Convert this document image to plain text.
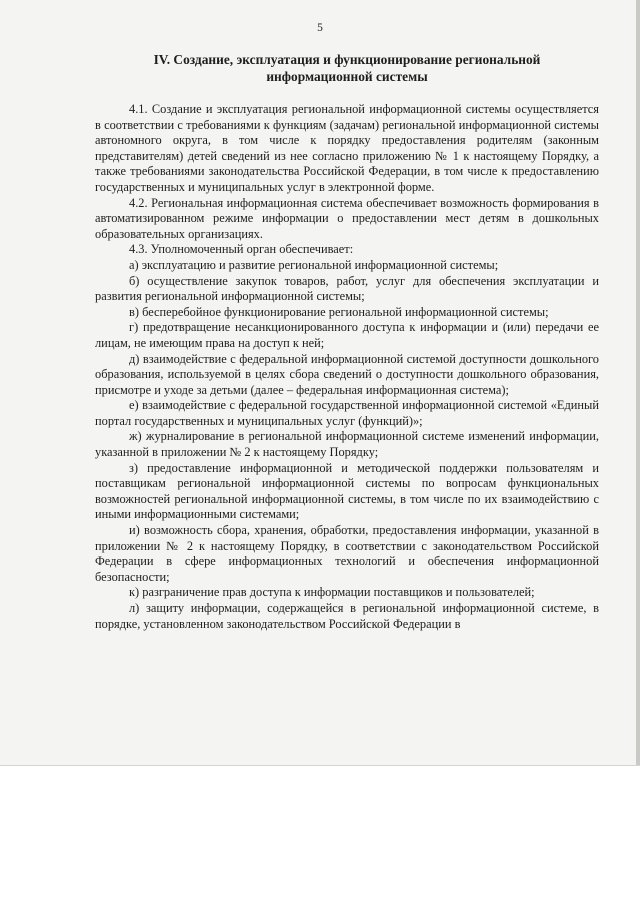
5
IV. Создание, эксплуатация и функционирование региональной информационной системы

4.1. Создание и эксплуатация региональной информационной системы осуществляется в соответствии с требованиями к функциям (задачам) региональной информационной системы автономного округа, в том числе к порядку предоставления родителям (законным представителям) детей сведений из нее согласно приложению № 1 к настоящему Порядку, а также требованиями законодательства Российской Федерации, в том числе к предоставлению государственных и муниципальных услуг в электронной форме.

4.2. Региональная информационная система обеспечивает возможность формирования в автоматизированном режиме информации о предоставлении мест детям в дошкольных образовательных организациях.

4.3. Уполномоченный орган обеспечивает:

а) эксплуатацию и развитие региональной информационной системы;

б) осуществление закупок товаров, работ, услуг для обеспечения эксплуатации и развития региональной информационной системы;

в) бесперебойное функционирование региональной информационной системы;

г) предотвращение несанкционированного доступа к информации и (или) передачи ее лицам, не имеющим права на доступ к ней;

д) взаимодействие с федеральной информационной системой доступности дошкольного образования, используемой в целях сбора сведений о доступности дошкольного образования, присмотре и уходе за детьми (далее – федеральная информационная система);

е) взаимодействие с федеральной государственной информационной системой «Единый портал государственных и муниципальных услуг (функций)»;

ж) журналирование в региональной информационной системе изменений информации, указанной в приложении № 2 к настоящему Порядку;

з) предоставление информационной и методической поддержки пользователям и поставщикам региональной информационной системы по вопросам функциональных возможностей региональной информационной системы, в том числе по их взаимодействию с иными информационными системами;

и) возможность сбора, хранения, обработки, предоставления информации, указанной в приложении № 2 к настоящему Порядку, в соответствии с законодательством Российской Федерации в сфере информационных технологий и обеспечения информационной безопасности;

к) разграничение прав доступа к информации поставщиков и пользователей;

л) защиту информации, содержащейся в региональной информационной системе, в порядке, установленном законодательством Российской Федерации в
